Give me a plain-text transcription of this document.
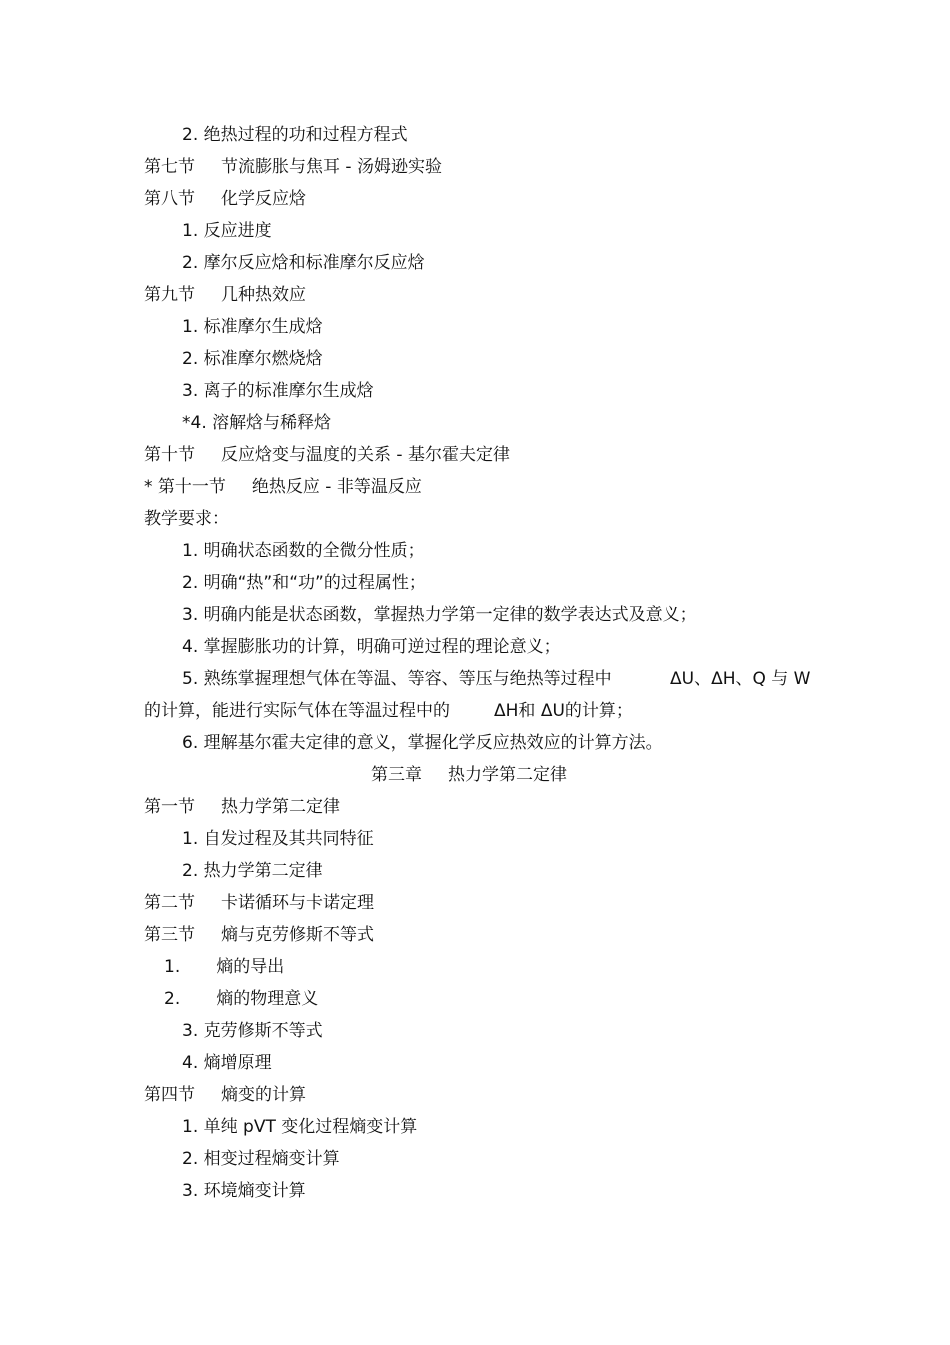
2. 绝热过程的功和过程方程式
第七节 节流膨胀与焦耳 - 汤姆逊实验
第八节 化学反应焓
1. 反应进度
2. 摩尔反应焓和标准摩尔反应焓
第九节 几种热效应
1. 标准摩尔生成焓
2. 标准摩尔燃烧焓
3. 离子的标准摩尔生成焓
*4. 溶解焓与稀释焓
第十节 反应焓变与温度的关系 - 基尔霍夫定律
* 第十一节 绝热反应 - 非等温反应
教学要求：
1. 明确状态函数的全微分性质；
2. 明确“热”和“功”的过程属性；
3. 明确内能是状态函数，掌握热力学第一定律的数学表达式及意义；
4. 掌握膨胀功的计算，明确可逆过程的理论意义；
5. 熟练掌握理想气体在等温、等容、等压与绝热等过程中	ΔU、ΔH、Q 与 W
的计算，能进行实际气体在等温过程中的	ΔH和 ΔU的计算；
6. 理解基尔霍夫定律的意义，掌握化学反应热效应的计算方法。
第三章 热力学第二定律
第一节 热力学第二定律
1. 自发过程及其共同特征
2. 热力学第二定律
第二节 卡诺循环与卡诺定理
第三节 熵与克劳修斯不等式
1. 熵的导出
2. 熵的物理意义
3. 克劳修斯不等式
4. 熵增原理
第四节 熵变的计算
1. 单纯 pVT 变化过程熵变计算
2. 相变过程熵变计算
3. 环境熵变计算
